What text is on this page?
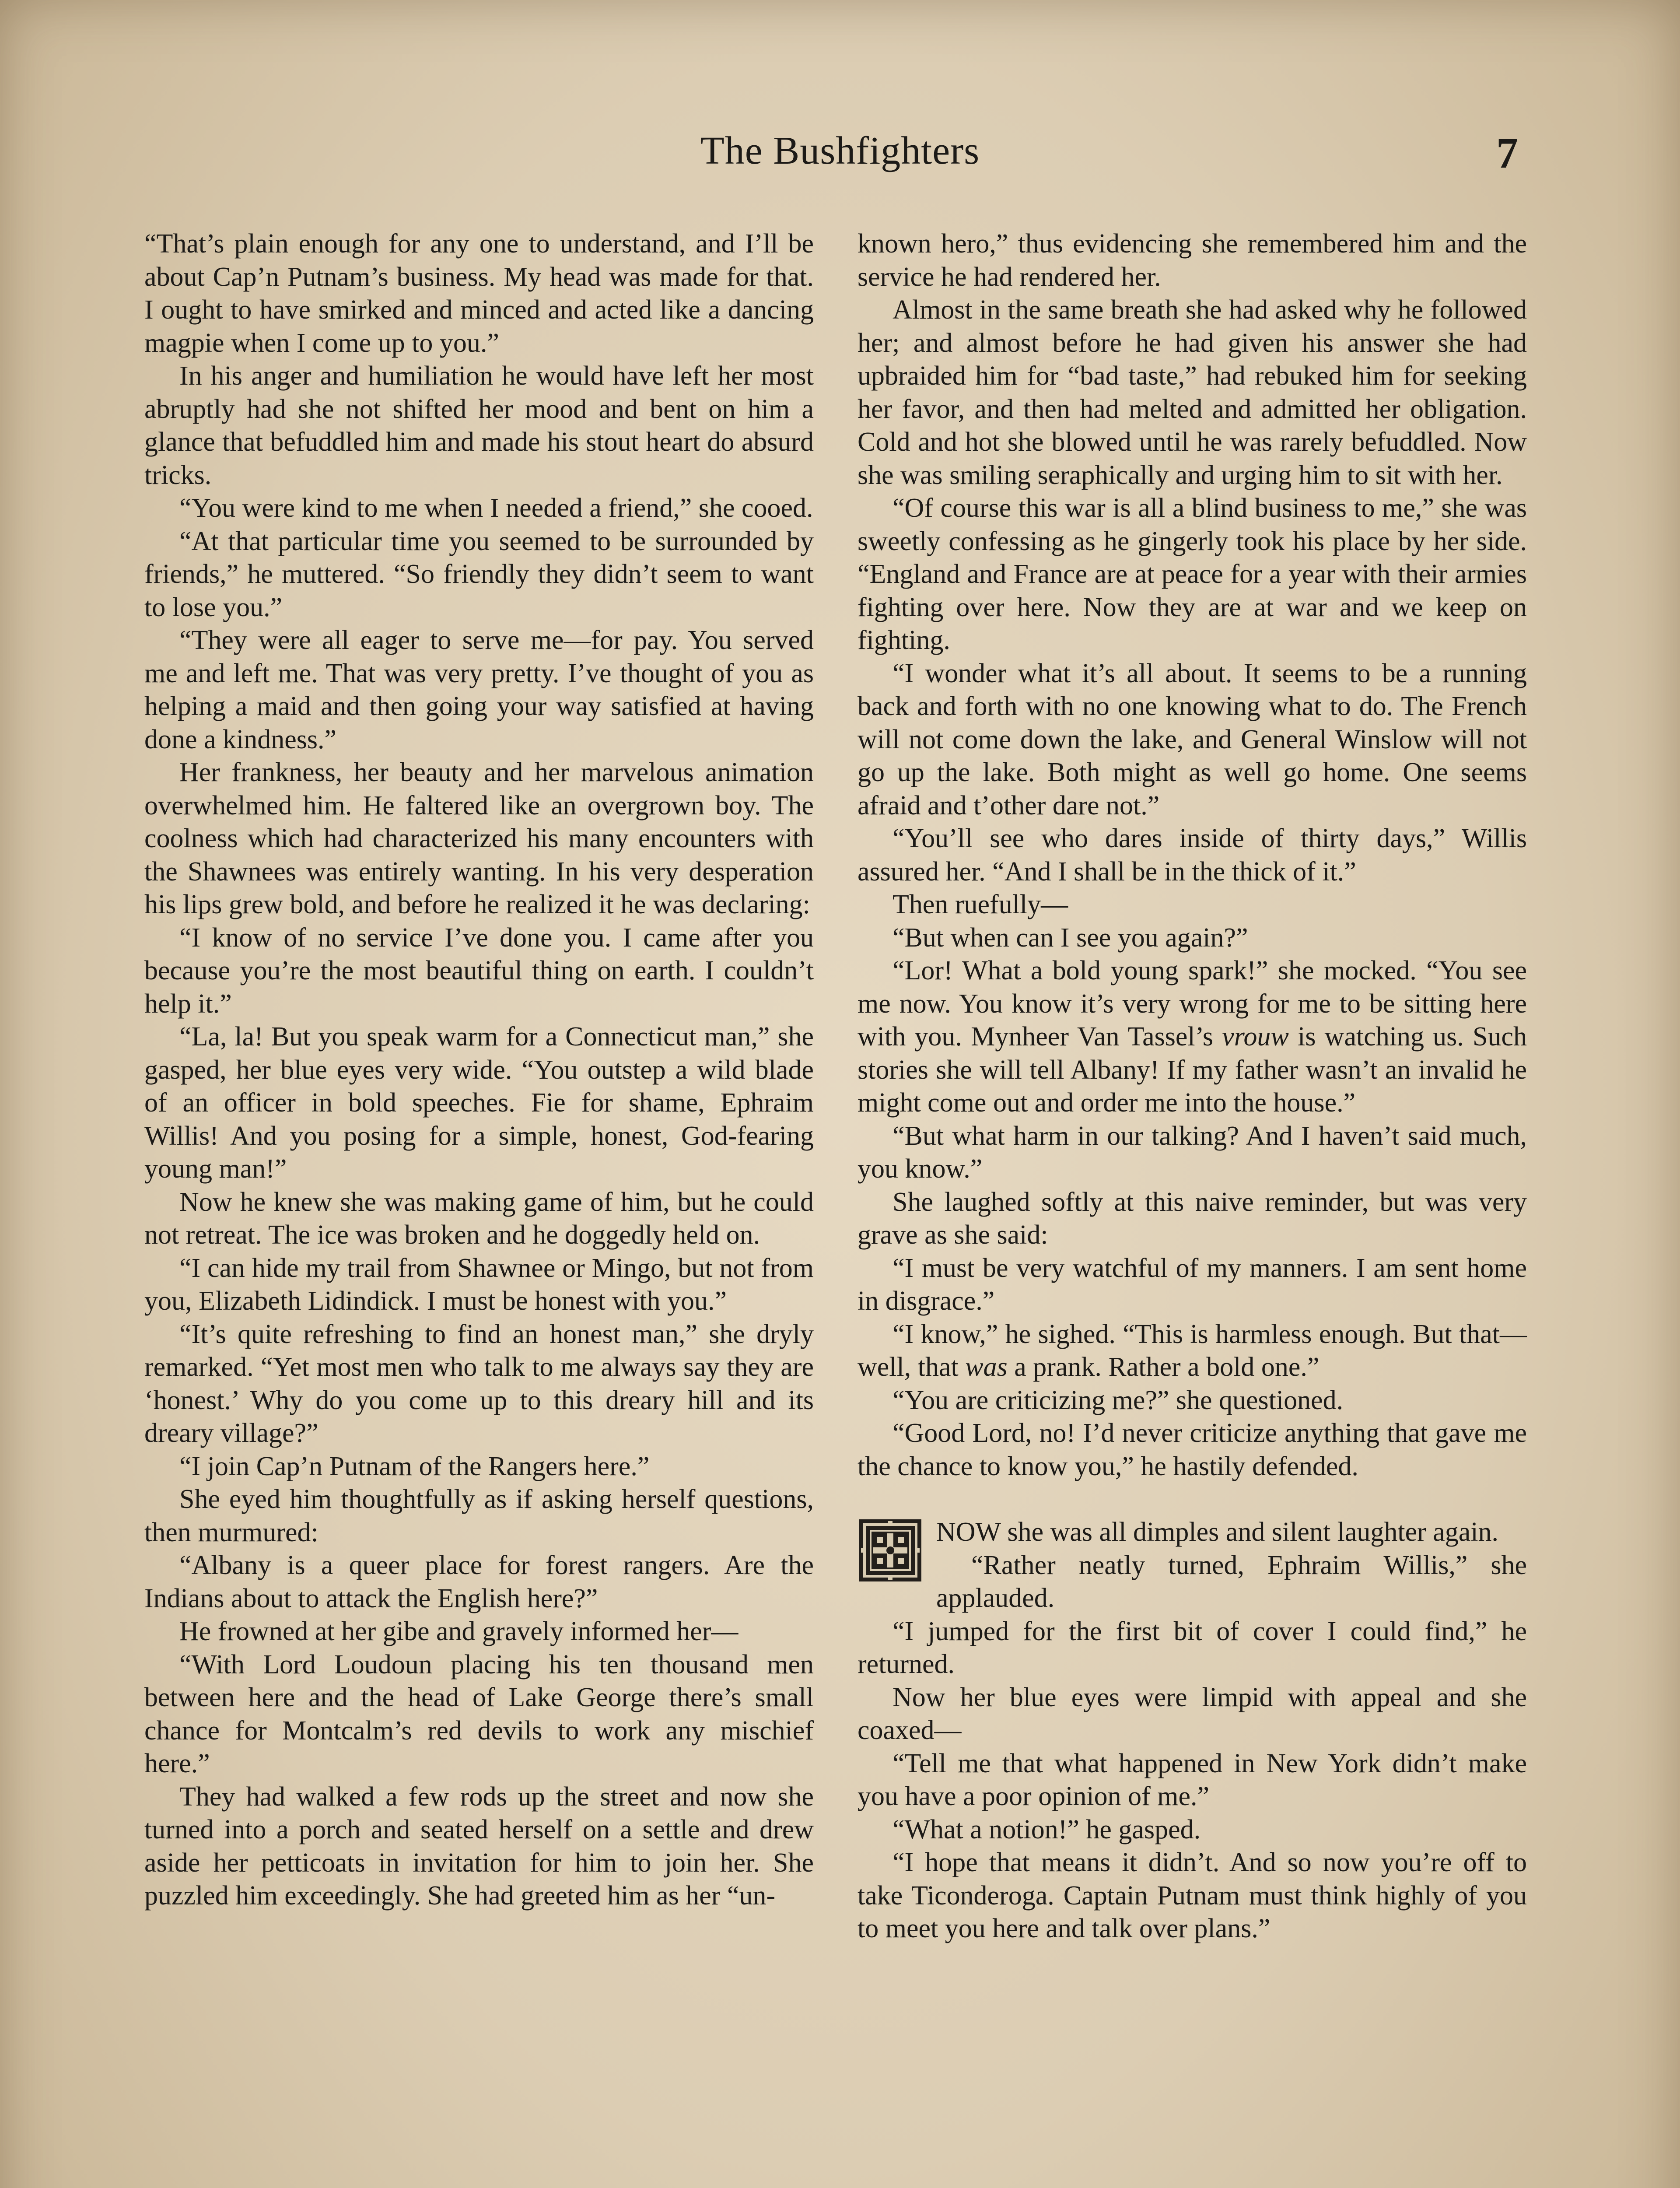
The Bushfighters	7

“That’s plain enough for any one to understand, and I’ll be about Cap’n Putnam’s business. My head was made for that. I ought to have smirked and minced and acted like a dancing magpie when I come up to you.”

In his anger and humiliation he would have left her most abruptly had she not shifted her mood and bent on him a glance that befuddled him and made his stout heart do absurd tricks.

“You were kind to me when I needed a friend,” she cooed.

“At that particular time you seemed to be surrounded by friends,” he muttered. “So friendly they didn’t seem to want to lose you.”

“They were all eager to serve me—for pay. You served me and left me. That was very pretty. I’ve thought of you as helping a maid and then going your way satisfied at having done a kindness.”

Her frankness, her beauty and her marvelous animation overwhelmed him. He faltered like an overgrown boy. The coolness which had characterized his many encounters with the Shawnees was entirely wanting. In his very desperation his lips grew bold, and before he realized it he was declaring:

“I know of no service I’ve done you. I came after you because you’re the most beautiful thing on earth. I couldn’t help it.”

“La, la! But you speak warm for a Connecticut man,” she gasped, her blue eyes very wide. “You outstep a wild blade of an officer in bold speeches. Fie for shame, Ephraim Willis! And you posing for a simple, honest, God-fearing young man!”

Now he knew she was making game of him, but he could not retreat. The ice was broken and he doggedly held on.

“I can hide my trail from Shawnee or Mingo, but not from you, Elizabeth Lidindick. I must be honest with you.”

“It’s quite refreshing to find an honest man,” she dryly remarked. “Yet most men who talk to me always say they are ‘honest.’ Why do you come up to this dreary hill and its dreary village?”

“I join Cap’n Putnam of the Rangers here.”

She eyed him thoughtfully as if asking herself questions, then murmured:

“Albany is a queer place for forest rangers. Are the Indians about to attack the English here?”

He frowned at her gibe and gravely informed her—

“With Lord Loudoun placing his ten thousand men between here and the head of Lake George there’s small chance for Montcalm’s red devils to work any mischief here.”

They had walked a few rods up the street and now she turned into a porch and seated herself on a settle and drew aside her petticoats in invitation for him to join her. She puzzled him exceedingly. She had greeted him as her “un-

known hero,” thus evidencing she remembered him and the service he had rendered her.

Almost in the same breath she had asked why he followed her; and almost before he had given his answer she had upbraided him for “bad taste,” had rebuked him for seeking her favor, and then had melted and admitted her obligation. Cold and hot she blowed until he was rarely befuddled. Now she was smiling seraphically and urging him to sit with her.

“Of course this war is all a blind business to me,” she was sweetly confessing as he gingerly took his place by her side. “England and France are at peace for a year with their armies fighting over here. Now they are at war and we keep on fighting.

“I wonder what it’s all about. It seems to be a running back and forth with no one knowing what to do. The French will not come down the lake, and General Winslow will not go up the lake. Both might as well go home. One seems afraid and t’other dare not.”

“You’ll see who dares inside of thirty days,” Willis assured her. “And I shall be in the thick of it.”

Then ruefully—

“But when can I see you again?”

“Lor! What a bold young spark!” she mocked. “You see me now. You know it’s very wrong for me to be sitting here with you. Mynheer Van Tassel’s vrouw is watching us. Such stories she will tell Albany! If my father wasn’t an invalid he might come out and order me into the house.”

“But what harm in our talking? And I haven’t said much, you know.”

She laughed softly at this naive reminder, but was very grave as she said:

“I must be very watchful of my manners. I am sent home in disgrace.”

“I know,” he sighed. “This is harmless enough. But that—well, that was a prank. Rather a bold one.”

“You are criticizing me?” she questioned.

“Good Lord, no! I’d never criticize anything that gave me the chance to know you,” he hastily defended.

NOW she was all dimples and silent laughter again.

“Rather neatly turned, Ephraim Willis,” she applauded.

“I jumped for the first bit of cover I could find,” he returned.

Now her blue eyes were limpid with appeal and she coaxed—

“Tell me that what happened in New York didn’t make you have a poor opinion of me.”

“What a notion!” he gasped.

“I hope that means it didn’t. And so now you’re off to take Ticonderoga. Captain Putnam must think highly of you to meet you here and talk over plans.”
